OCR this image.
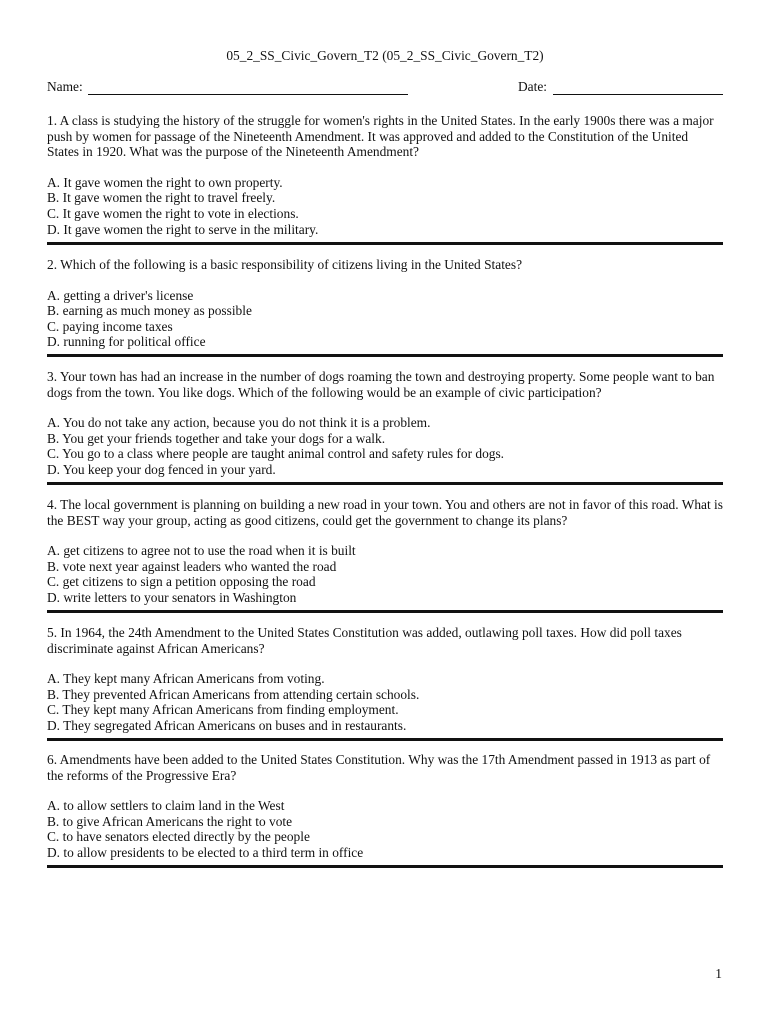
05_2_SS_Civic_Govern_T2 (05_2_SS_Civic_Govern_T2)
Name:	Date:

1. A class is studying the history of the struggle for women's rights in the United States. In the early 1900s there was a major push by women for passage of the Nineteenth Amendment. It was approved and added to the Constitution of the United States in 1920. What was the purpose of the Nineteenth Amendment?

A. It gave women the right to own property.

B. It gave women the right to travel freely.

C. It gave women the right to vote in elections.

D. It gave women the right to serve in the military.

2. Which of the following is a basic responsibility of citizens living in the United States?

A. getting a driver's license

B. earning as much money as possible

C. paying income taxes

D. running for political office

3. Your town has had an increase in the number of dogs roaming the town and destroying property. Some people want to ban dogs from the town. You like dogs. Which of the following would be an example of civic participation?

A. You do not take any action, because you do not think it is a problem.

B. You get your friends together and take your dogs for a walk.

C. You go to a class where people are taught animal control and safety rules for dogs.

D. You keep your dog fenced in your yard.

4. The local government is planning on building a new road in your town. You and others are not in favor of this road. What is the BEST way your group, acting as good citizens, could get the government to change its plans?

A. get citizens to agree not to use the road when it is built

B. vote next year against leaders who wanted the road

C. get citizens to sign a petition opposing the road

D. write letters to your senators in Washington

5. In 1964, the 24th Amendment to the United States Constitution was added, outlawing poll taxes. How did poll taxes discriminate against African Americans?

A. They kept many African Americans from voting.

B. They prevented African Americans from attending certain schools.

C. They kept many African Americans from finding employment.

D. They segregated African Americans on buses and in restaurants.

6. Amendments have been added to the United States Constitution. Why was the 17th Amendment passed in 1913 as part of the reforms of the Progressive Era?

A. to allow settlers to claim land in the West

B. to give African Americans the right to vote

C. to have senators elected directly by the people

D. to allow presidents to be elected to a third term in office

1
